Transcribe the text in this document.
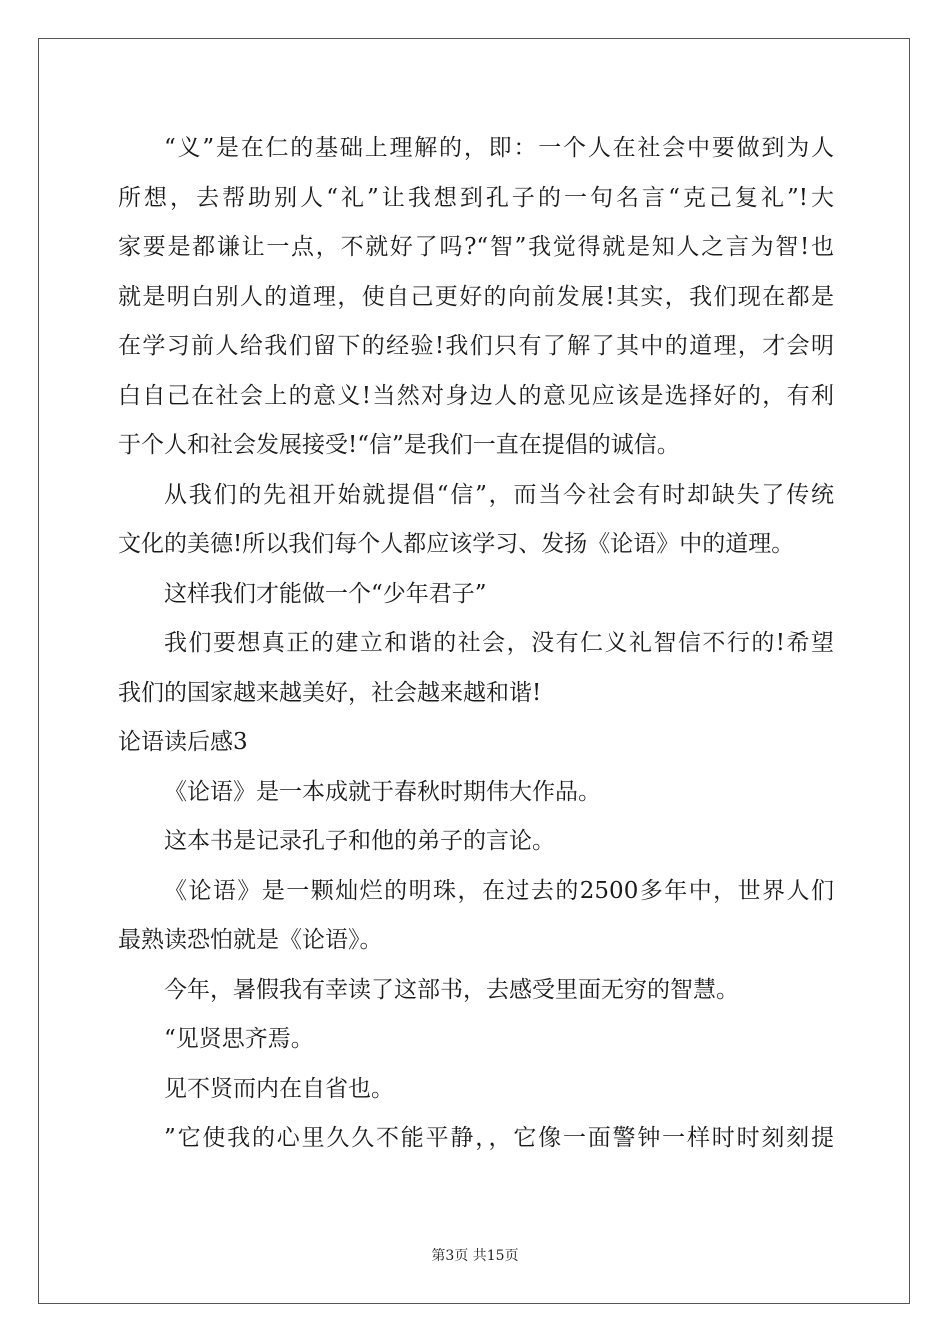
“义”是在仁的基础上理解的，即：一个人在社会中要做到为人
所想，去帮助别人“礼”让我想到孔子的一句名言“克己复礼”!大
家要是都谦让一点，不就好了吗?“智”我觉得就是知人之言为智!也
就是明白别人的道理，使自己更好的向前发展!其实，我们现在都是
在学习前人给我们留下的经验!我们只有了解了其中的道理，才会明
白自己在社会上的意义!当然对身边人的意见应该是选择好的，有利
于个人和社会发展接受!“信”是我们一直在提倡的诚信。
从我们的先祖开始就提倡“信”，而当今社会有时却缺失了传统
文化的美德!所以我们每个人都应该学习、发扬《论语》中的道理。
这样我们才能做一个“少年君子”
我们要想真正的建立和谐的社会，没有仁义礼智信不行的!希望
我们的国家越来越美好，社会越来越和谐!
论语读后感3
《论语》是一本成就于春秋时期伟大作品。
这本书是记录孔子和他的弟子的言论。
《论语》是一颗灿烂的明珠，在过去的2500多年中，世界人们
最熟读恐怕就是《论语》。
今年，暑假我有幸读了这部书，去感受里面无穷的智慧。
“见贤思齐焉。
见不贤而内在自省也。
”它使我的心里久久不能平静，，它像一面警钟一样时时刻刻提
第3页 共15页
